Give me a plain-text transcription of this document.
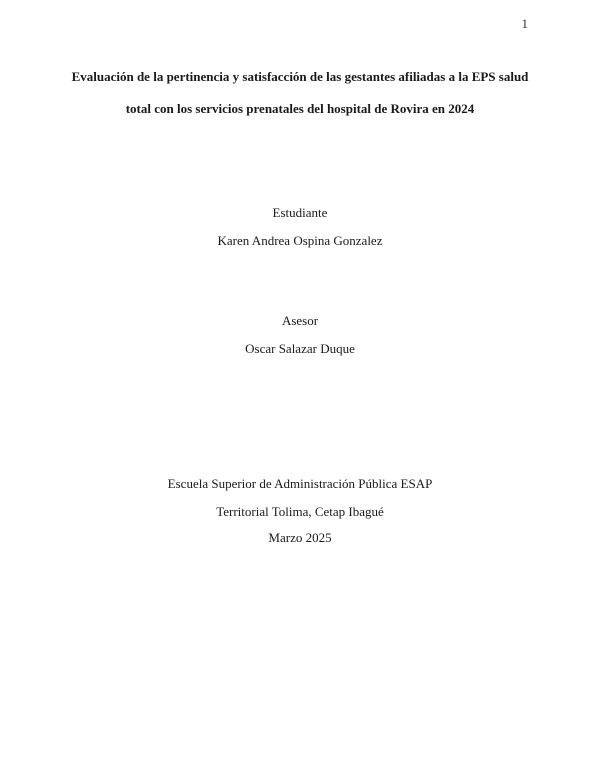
1
Evaluación de la pertinencia y satisfacción de las gestantes afiliadas a la EPS salud
total con los servicios prenatales del hospital de Rovira en 2024
Estudiante
Karen Andrea Ospina Gonzalez
Asesor
Oscar Salazar Duque
Escuela Superior de Administración Pública ESAP
Territorial Tolima, Cetap Ibagué
Marzo 2025
